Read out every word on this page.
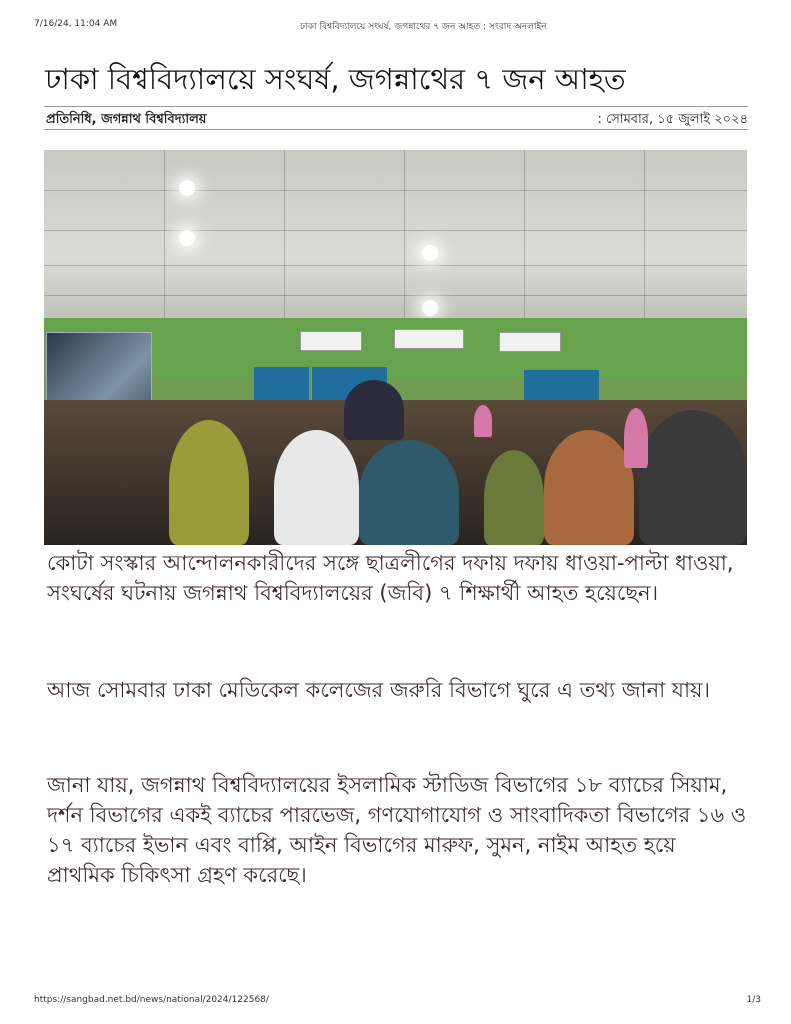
7/16/24, 11:04 AM	ঢাকা বিশ্ববিদ্যালয়ে সংঘর্ষ, জগন্নাথের ৭ জন আহত : সংবাদ অনলাইন
ঢাকা বিশ্ববিদ্যালয়ে সংঘর্ষ, জগন্নাথের ৭ জন আহত
প্রতিনিধি, জগন্নাথ বিশ্ববিদ্যালয়	: সোমবার, ১৫ জুলাই ২০২৪
কোটা সংস্কার আন্দোলনকারীদের সঙ্গে ছাত্রলীগের দফায় দফায় ধাওয়া-পাল্টা ধাওয়া, সংঘর্ষের ঘটনায় জগন্নাথ বিশ্ববিদ্যালয়ের (জবি) ৭ শিক্ষার্থী আহত হয়েছেন।
আজ সোমবার ঢাকা মেডিকেল কলেজের জরুরি বিভাগে ঘুরে এ তথ্য জানা যায়।
জানা যায়, জগন্নাথ বিশ্ববিদ্যালয়ের ইসলামিক স্টাডিজ বিভাগের ১৮ ব্যাচের সিয়াম, দর্শন বিভাগের একই ব্যাচের পারভেজ, গণযোগাযোগ ও সাংবাদিকতা বিভাগের ১৬ ও ১৭ ব্যাচের ইভান এবং বাপ্পি, আইন বিভাগের মারুফ, সুমন, নাইম আহত হয়ে প্রাথমিক চিকিৎসা গ্রহণ করেছে।
https://sangbad.net.bd/news/national/2024/122568/	1/3
